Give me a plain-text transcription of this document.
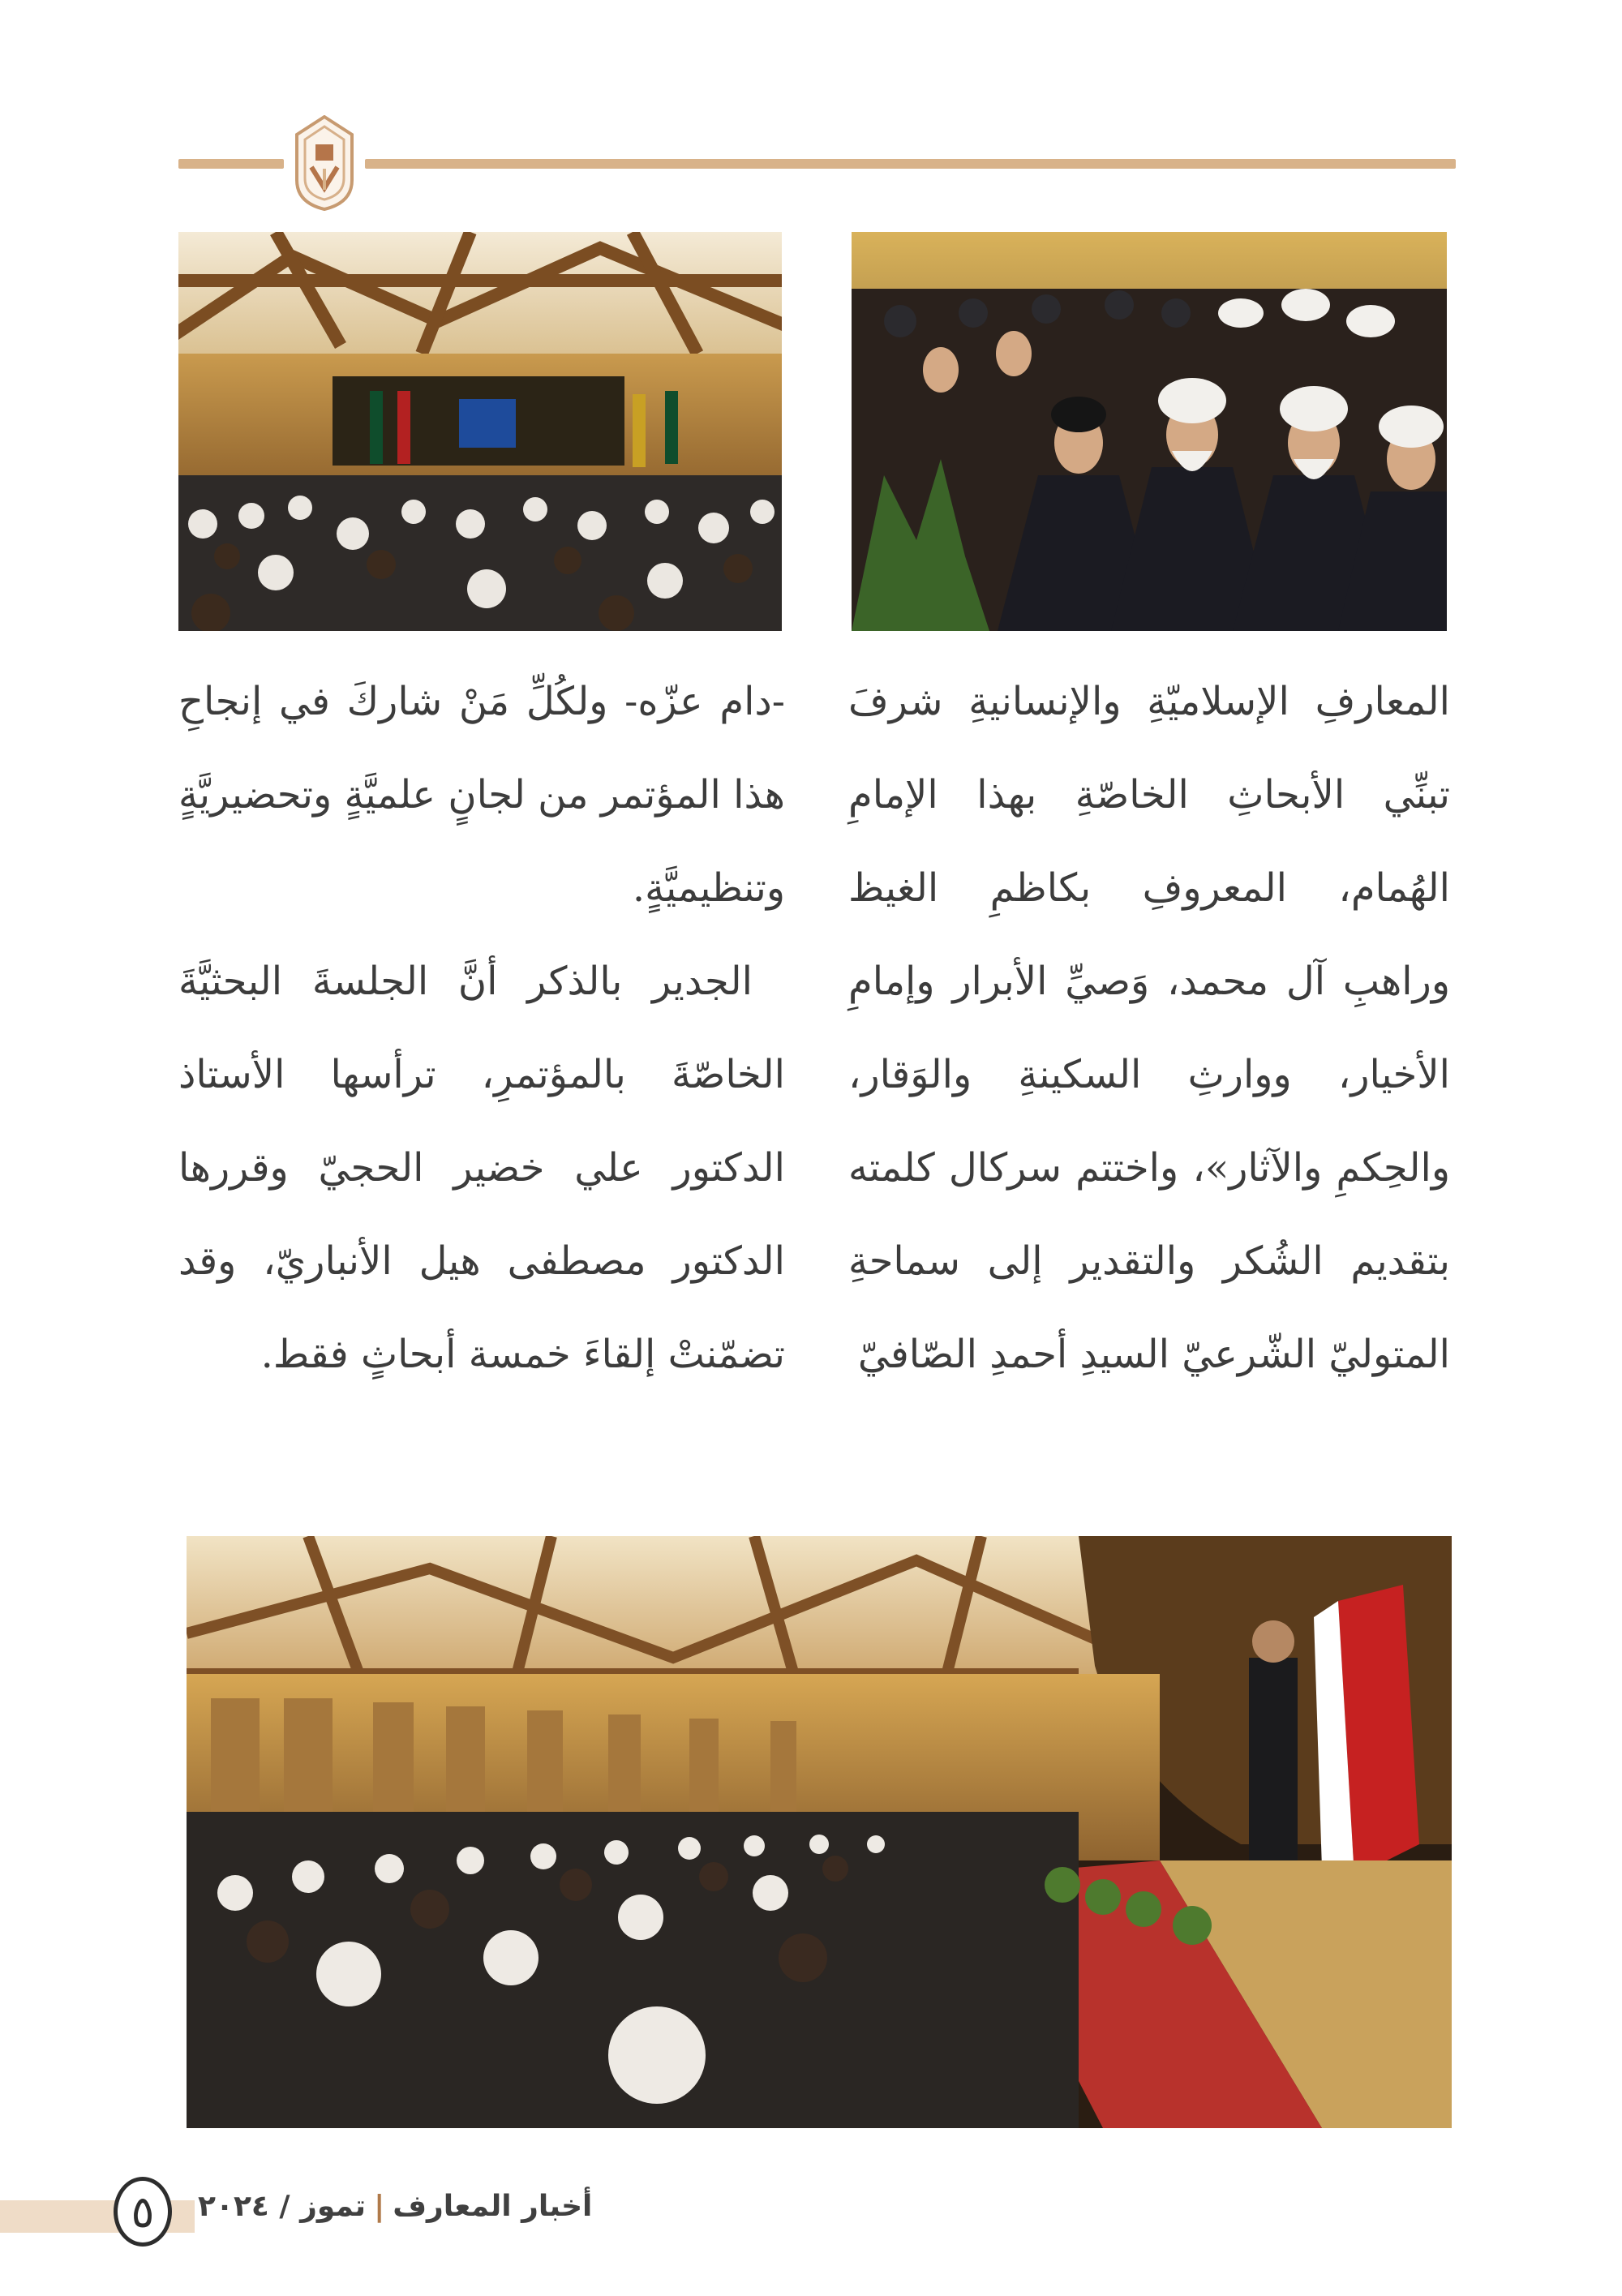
المعارفِ الإسلاميّةِ والإنسانيةِ شرفَ تبنِّي الأبحاثِ الخاصّةِ بهذا الإمامِ الهُمام، المعروفِ بكاظمِ الغيظ وراهبِ آل محمد، وَصيِّ الأبرار وإمامِ الأخيار، ووارثِ السكينةِ والوَقار، والحِكمِ والآثار»، واختتم سركال كلمته بتقديم الشُكر والتقدير إلى سماحةِ المتوليّ الشّرعيّ السيدِ أحمدِ الصّافيّ

-دام عزّه- ولكُلِّ مَنْ شاركَ في إنجاحِ هذا المؤتمر من لجانٍ علميَّةٍ وتحضيريَّةٍ وتنظيميَّةٍ.

الجدير بالذكر أنَّ الجلسةَ البحثيَّةَ الخاصّةَ بالمؤتمرِ، ترأسها الأستاذ الدكتور علي خضير الحجيّ وقررها الدكتور مصطفى هيل الأنباريّ، وقد تضمّنتْ إلقاءَ خمسة أبحاثٍ فقط.

٥	أخبار المعارف|تموز / ٢٠٢٤
